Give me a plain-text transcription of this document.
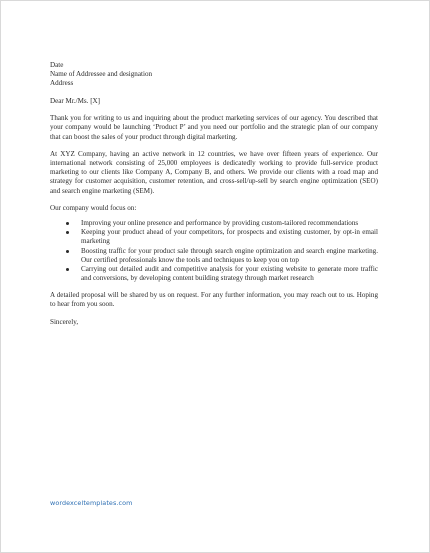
Date

Name of Addressee and designation

Address

Dear Mr./Ms. [X]

Thank you for writing to us and inquiring about the product marketing services of our agency. You described that your company would be launching ‘Product P’ and you need our portfolio and the strategic plan of our company that can boost the sales of your product through digital marketing.

At XYZ Company, having an active network in 12 countries, we have over fifteen years of experience. Our international network consisting of 25,000 employees is dedicatedly working to provide full-service product marketing to our clients like Company A, Company B, and others. We provide our clients with a road map and strategy for customer acquisition, customer retention, and cross-sell/up-sell by search engine optimization (SEO) and search engine marketing (SEM).

Our company would focus on:

Improving your online presence and performance by providing custom-tailored recommendations
Keeping your product ahead of your competitors, for prospects and existing customer, by opt-in email marketing
Boosting traffic for your product sale through search engine optimization and search engine marketing. Our certified professionals know the tools and techniques to keep you on top
Carrying out detailed audit and competitive analysis for your existing website to generate more traffic and conversions, by developing content building strategy through market research

A detailed proposal will be shared by us on request. For any further information, you may reach out to us. Hoping to hear from you soon.

Sincerely,

wordexceltemplates.com
